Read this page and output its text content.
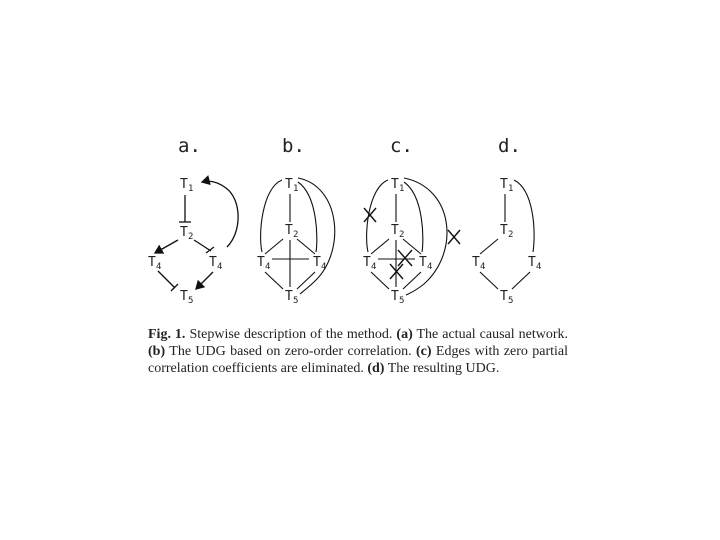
a.
T 1
T 2
T 4	T 4
T 5
b.
T 1
T 2
T 4	T 4
T 5
c.
T 1
T 2
T 4	T 4
T 5
d.
T 1
T 2
T 4	T 4
T 5
Fig. 1. Stepwise description of the method. (a) The actual causal network. (b) The UDG based on zero-order correlation. (c) Edges with zero partial correlation coefficients are eliminated. (d) The resulting UDG.
